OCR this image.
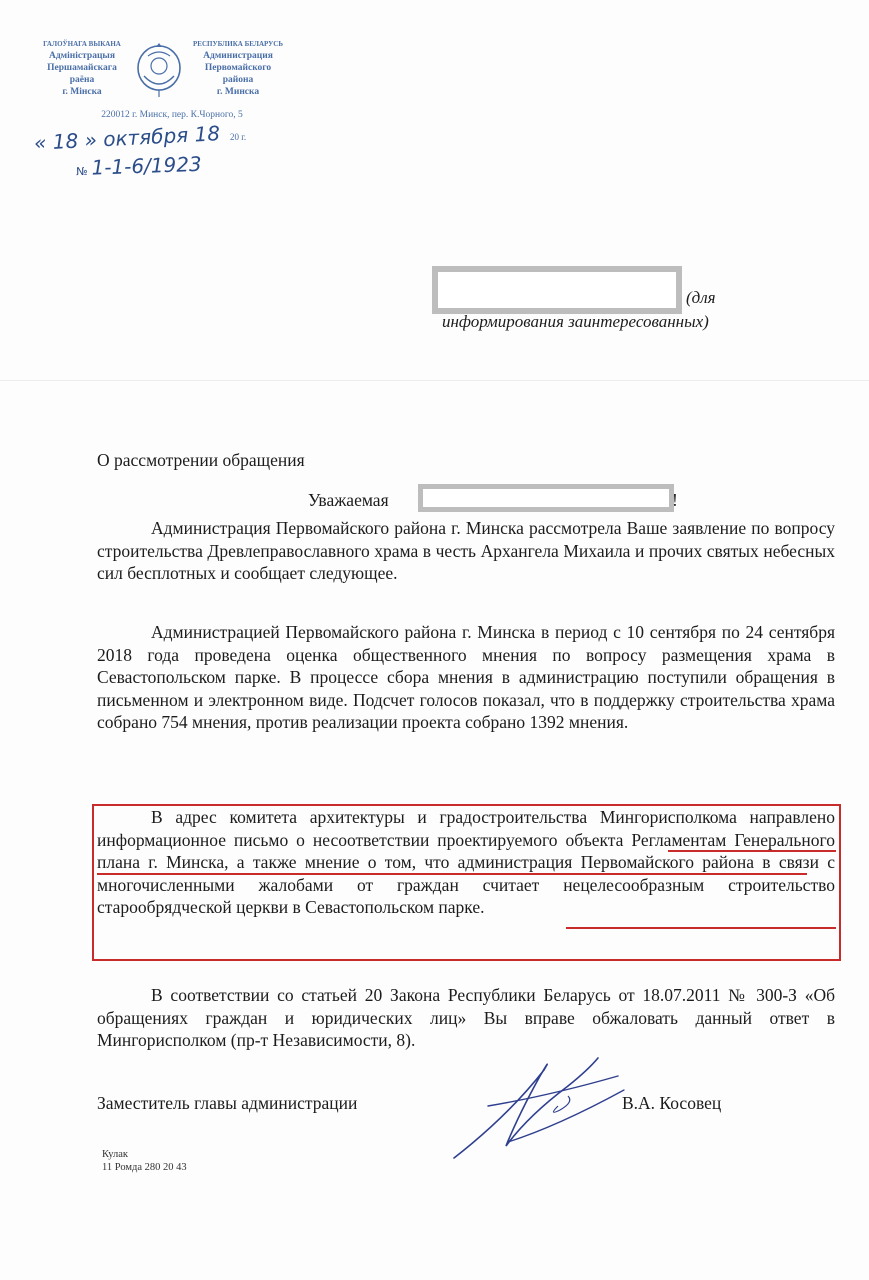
ГАЛОЎНАГА ВЫКАНА
Адміністрацыя
Першамайскага
раёна
г. Мінска
РЕСПУБЛИКА БЕЛАРУСЬ
Администрация
Первомайского
района
г. Минска
220012 г. Минск, пер. К.Чорного, 5
« 18 » октября 18 20 г.
№ 1-1-6/1923
(для
информирования заинтересованных)
О рассмотрении обращения
Уважаемая	!
Администрация Первомайского района г. Минска рассмотрела Ваше заявление по вопросу строительства Древлеправославного храма в честь Архангела Михаила и прочих святых небесных сил бесплотных и сообщает следующее.
Администрацией Первомайского района г. Минска в период с 10 сентября по 24 сентября 2018 года проведена оценка общественного мнения по вопросу размещения храма в Севастопольском парке. В процессе сбора мнения в администрацию поступили обращения в письменном и электронном виде. Подсчет голосов показал, что в поддержку строительства храма собрано 754 мнения, против реализации проекта собрано 1392 мнения.
В адрес комитета архитектуры и градостроительства Мингорисполкома направлено информационное письмо о несоответствии проектируемого объекта Регламентам Генерального плана г. Минска, а также мнение о том, что администрация Первомайского района в связи с многочисленными жалобами от граждан считает нецелесообразным строительство старообрядческой церкви в Севастопольском парке.
В соответствии со статьей 20 Закона Республики Беларусь от 18.07.2011 № 300-З «Об обращениях граждан и юридических лиц» Вы вправе обжаловать данный ответ в Мингорисполком (пр-т Независимости, 8).
Заместитель главы администрации	В.А. Косовец
Кулак
11 Ромда 280 20 43
